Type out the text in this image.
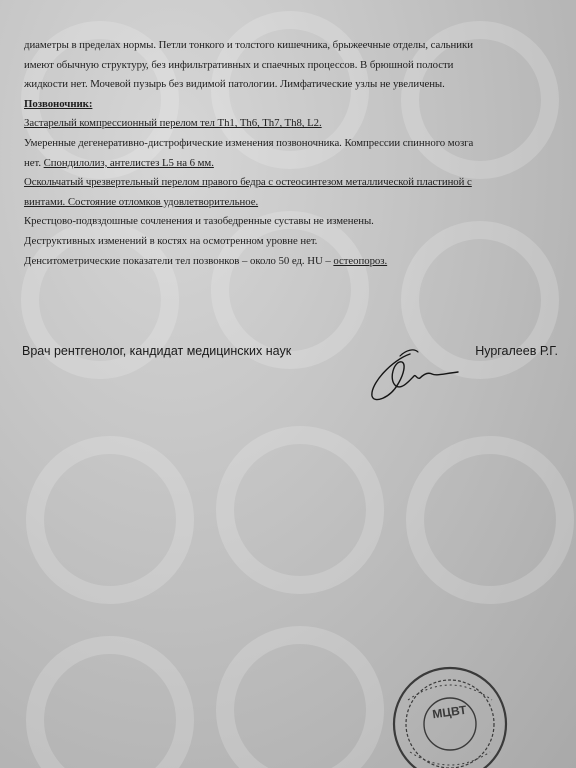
диаметры в пределах нормы. Петли тонкого и толстого кишечника, брыжеечные отделы, сальники
имеют обычную структуру, без инфильтративных и спаечных процессов. В брюшной полости
жидкости нет. Мочевой пузырь без видимой патологии. Лимфатические узлы не увеличены.
Позвоночник:
Застарелый компрессионный перелом тел Th1, Th6, Th7, Th8, L2.
Умеренные дегенеративно-дистрофические изменения позвоночника. Компрессии спинного мозга
нет. Спондилолиз, антелистез L5 на 6 мм.
Оскольчатый чрезвертельный перелом правого бедра с остеосинтезом металлической пластиной с
винтами. Состояние отломков удовлетворительное.
Крестцово-подвздошные сочленения и тазобедренные суставы не изменены.
Деструктивных изменений в костях на осмотренном уровне нет.
Денситометрические показатели тел позвонков – около 50 ед. HU – остеопороз.
Врач рентгенолог, кандидат медицинских наук	Нургалеев Р.Г.
МЦВТ
